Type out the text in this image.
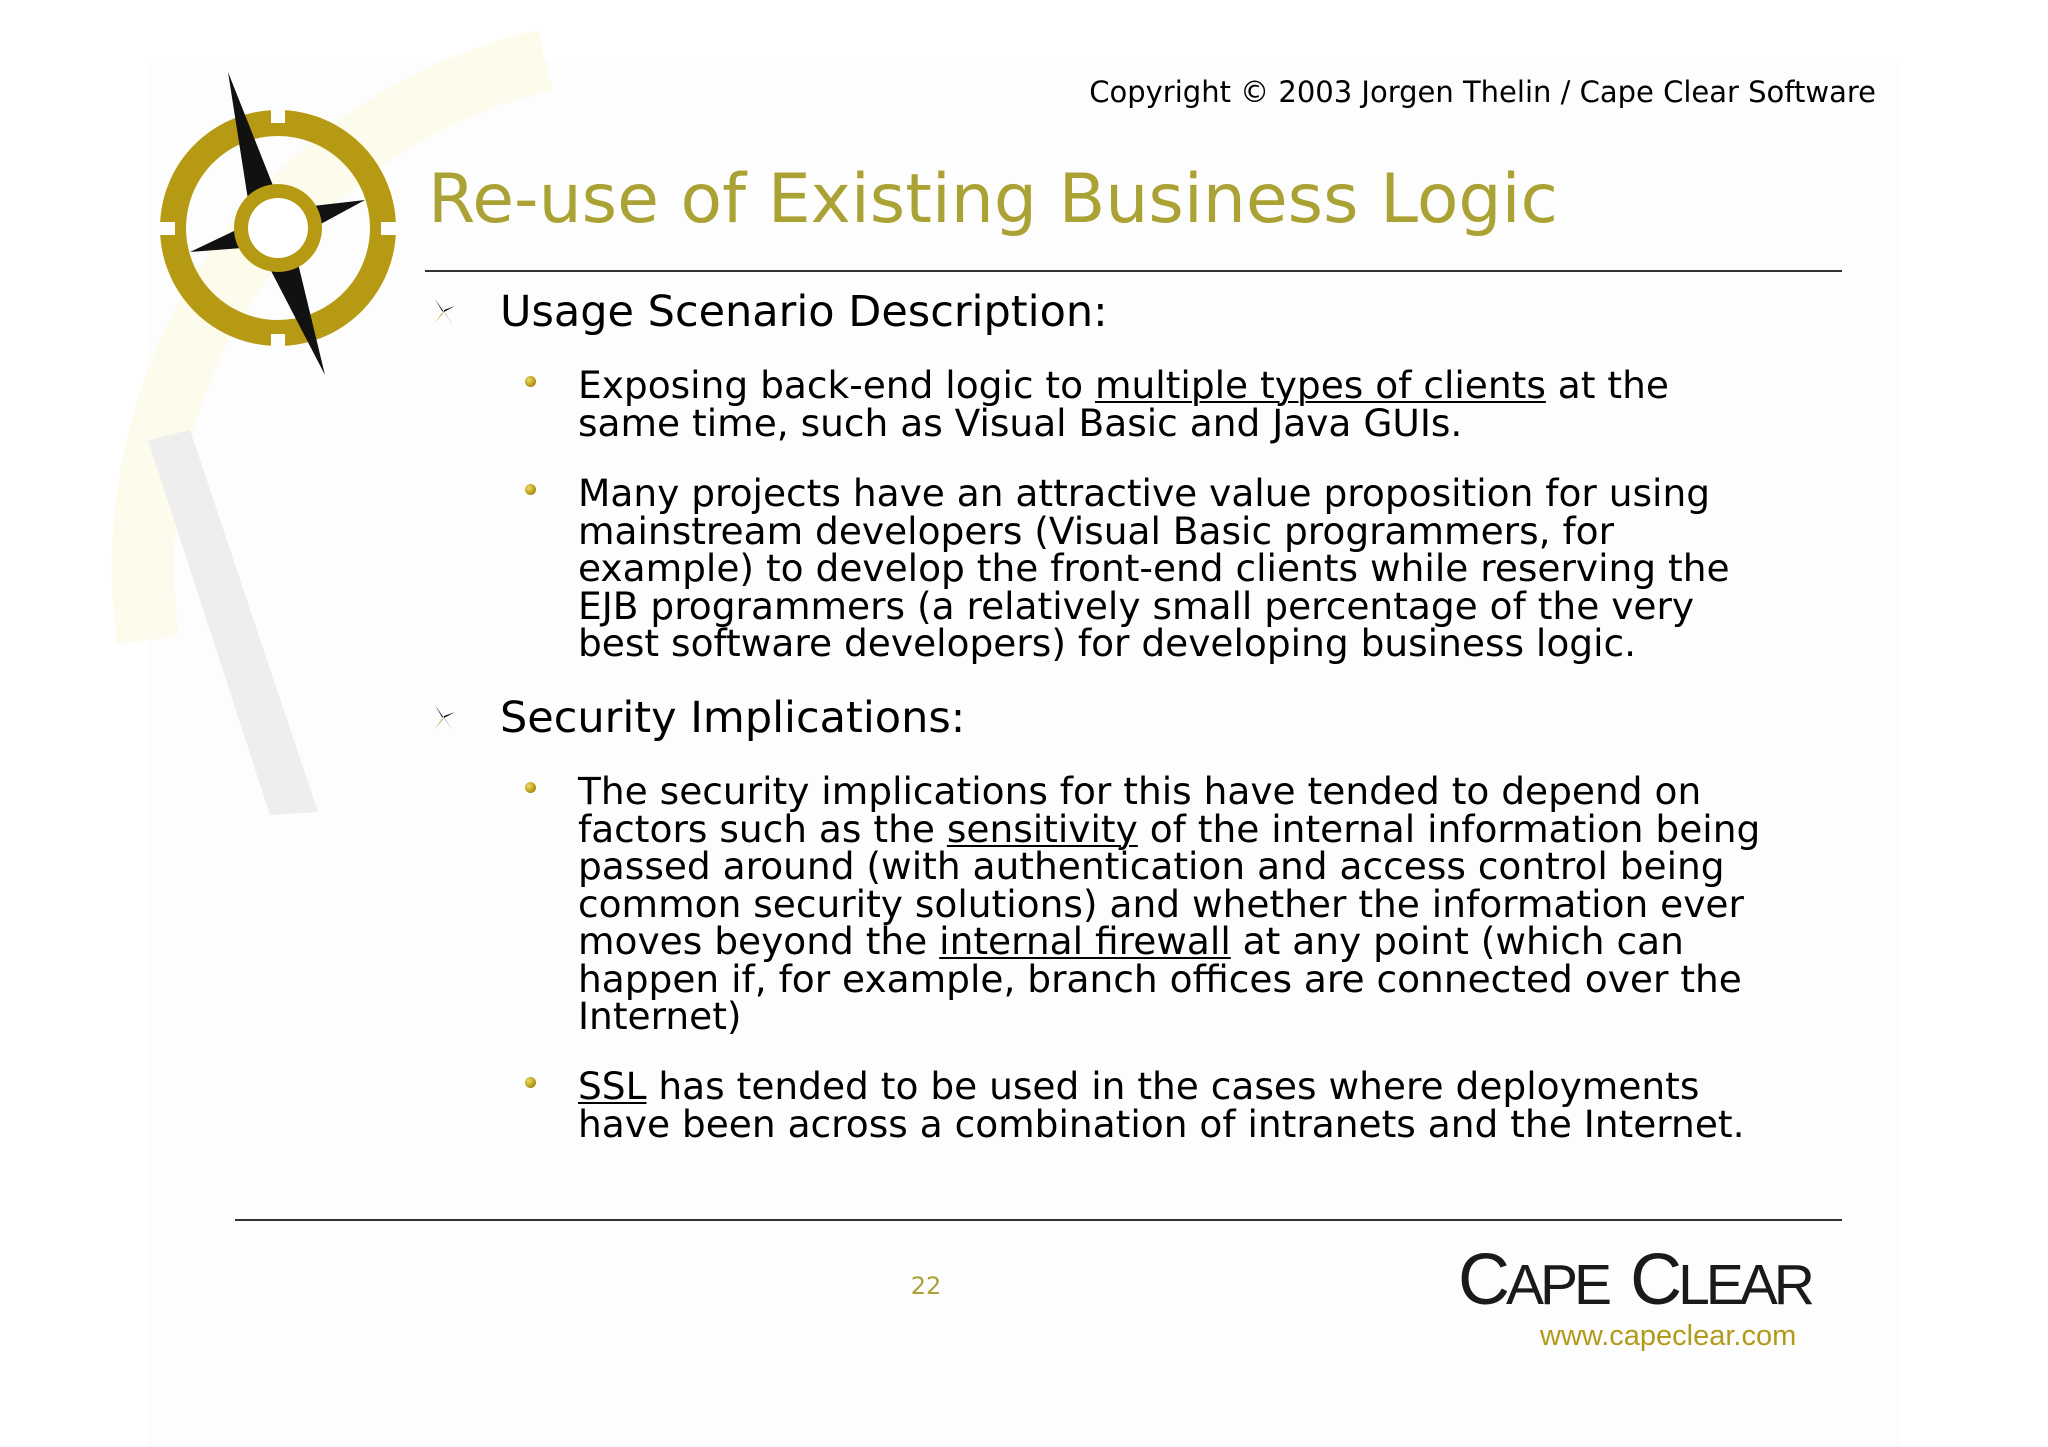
Copyright © 2003 Jorgen Thelin / Cape Clear Software
Re-use of Existing Business Logic
Usage Scenario Description:
Exposing back-end logic to multiple types of clients at the
same time, such as Visual Basic and Java GUIs.
Many projects have an attractive value proposition for using
mainstream developers (Visual Basic programmers, for
example) to develop the front-end clients while reserving the
EJB programmers (a relatively small percentage of the very
best software developers) for developing business logic.
Security Implications:
The security implications for this have tended to depend on
factors such as the sensitivity of the internal information being
passed around (with authentication and access control being
common security solutions) and whether the information ever
moves beyond the internal firewall at any point (which can
happen if, for example, branch offices are connected over the
Internet)
SSL has tended to be used in the cases where deployments
have been across a combination of intranets and the Internet.
22	CAPE CLEAR
www.capeclear.com
